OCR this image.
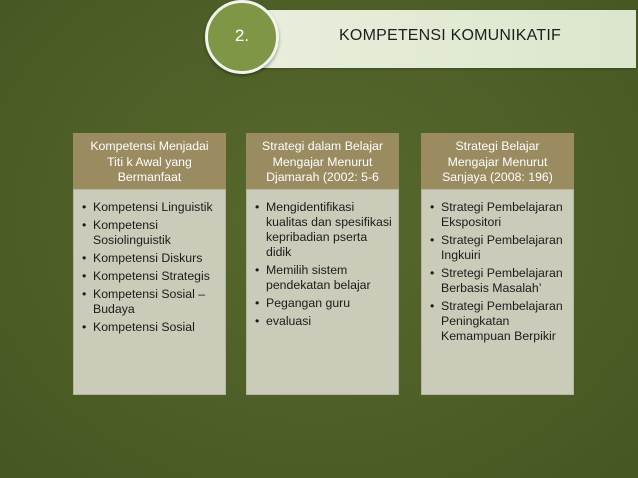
KOMPETENSI KOMUNIKATIF
2.
Kompetensi Menjadai Titi k Awal yang Bermanfaat
• Kompetensi Linguistik
• Kompetensi Sosiolinguistik
• Kompetensi Diskurs
• Kompetensi Strategis
• Kompetensi Sosial – Budaya
• Kompetensi Sosial
Strategi dalam Belajar Mengajar Menurut Djamarah (2002: 5-6
• Mengidentifikasi kualitas dan spesifikasi kepribadian pserta didik
• Memilih sistem pendekatan belajar
• Pegangan guru
• evaluasi
Strategi Belajar Mengajar Menurut Sanjaya (2008: 196)
• Strategi Pembelajaran Ekspositori
• Strategi Pembelajaran Ingkuiri
• Stretegi Pembelajaran Berbasis Masalah’
• Strategi Pembelajaran Peningkatan Kemampuan Berpikir
